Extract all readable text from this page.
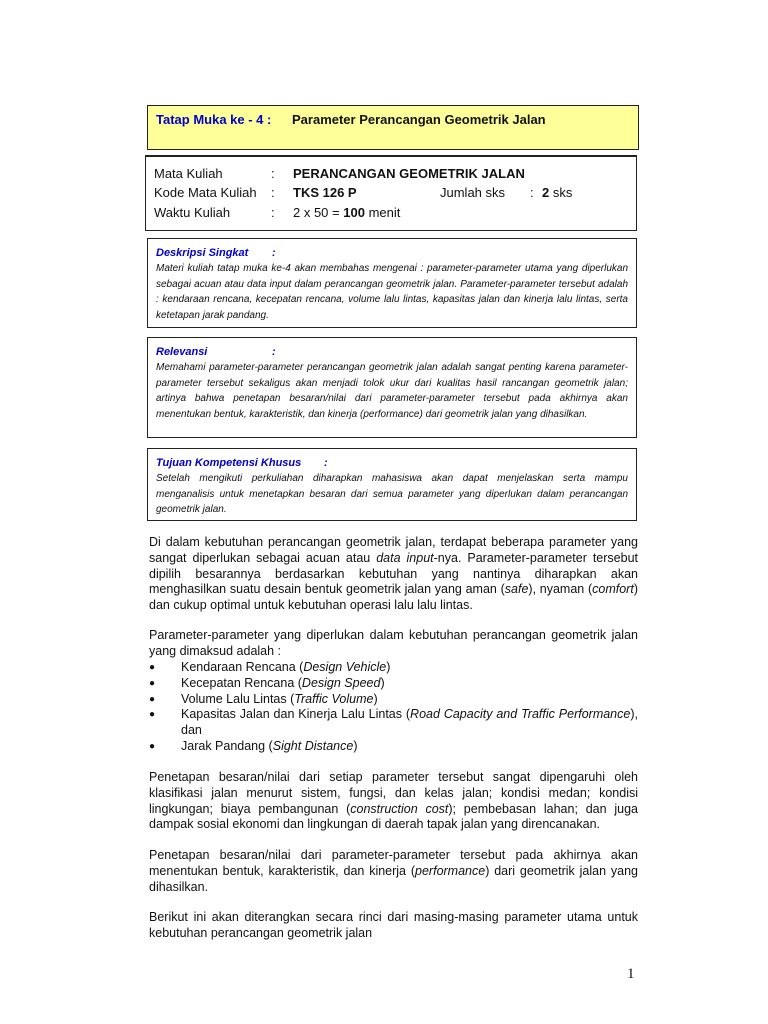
Tatap Muka ke - 4 : Parameter Perancangan Geometrik Jalan
Mata Kuliah	: PERANCANGAN GEOMETRIK JALAN
Kode Mata Kuliah : TKS 126 P	Jumlah sks : 2 sks
Waktu Kuliah	: 2 x 50 = 100 menit
Deskripsi Singkat :
Materi kuliah tatap muka ke-4 akan membahas mengenai : parameter-parameter utama yang diperlukan sebagai acuan atau data input dalam perancangan geometrik jalan. Parameter-parameter tersebut adalah : kendaraan rencana, kecepatan rencana, volume lalu lintas, kapasitas jalan dan kinerja lalu lintas, serta ketetapan jarak pandang.
Relevansi	:
Memahami parameter-parameter perancangan geometrik jalan adalah sangat penting karena parameter-parameter tersebut sekaligus akan menjadi tolok ukur dari kualitas hasil rancangan geometrik jalan; artinya bahwa penetapan besaran/nilai dari parameter-parameter tersebut pada akhirnya akan menentukan bentuk, karakteristik, dan kinerja (performance) dari geometrik jalan yang dihasilkan.
Tujuan Kompetensi Khusus :
Setelah mengikuti perkuliahan diharapkan mahasiswa akan dapat menjelaskan serta mampu menganalisis untuk menetapkan besaran dari semua parameter yang diperlukan dalam perancangan geometrik jalan.
Di dalam kebutuhan perancangan geometrik jalan, terdapat beberapa parameter yang sangat diperlukan sebagai acuan atau data input-nya. Parameter-parameter tersebut dipilih besarannya berdasarkan kebutuhan yang nantinya diharapkan akan menghasilkan suatu desain bentuk geometrik jalan yang aman (safe), nyaman (comfort) dan cukup optimal untuk kebutuhan operasi lalu lalu lintas.
Parameter-parameter yang diperlukan dalam kebutuhan perancangan geometrik jalan yang dimaksud adalah :
● Kendaraan Rencana (Design Vehicle)
● Kecepatan Rencana (Design Speed)
● Volume Lalu Lintas (Traffic Volume)
● Kapasitas Jalan dan Kinerja Lalu Lintas (Road Capacity and Traffic Performance), dan
● Jarak Pandang (Sight Distance)
Penetapan besaran/nilai dari setiap parameter tersebut sangat dipengaruhi oleh klasifikasi jalan menurut sistem, fungsi, dan kelas jalan; kondisi medan; kondisi lingkungan; biaya pembangunan (construction cost); pembebasan lahan; dan juga dampak sosial ekonomi dan lingkungan di daerah tapak jalan yang direncanakan.
Penetapan besaran/nilai dari parameter-parameter tersebut pada akhirnya akan menentukan bentuk, karakteristik, dan kinerja (performance) dari geometrik jalan yang dihasilkan.
Berikut ini akan diterangkan secara rinci dari masing-masing parameter utama untuk kebutuhan perancangan geometrik jalan
1
